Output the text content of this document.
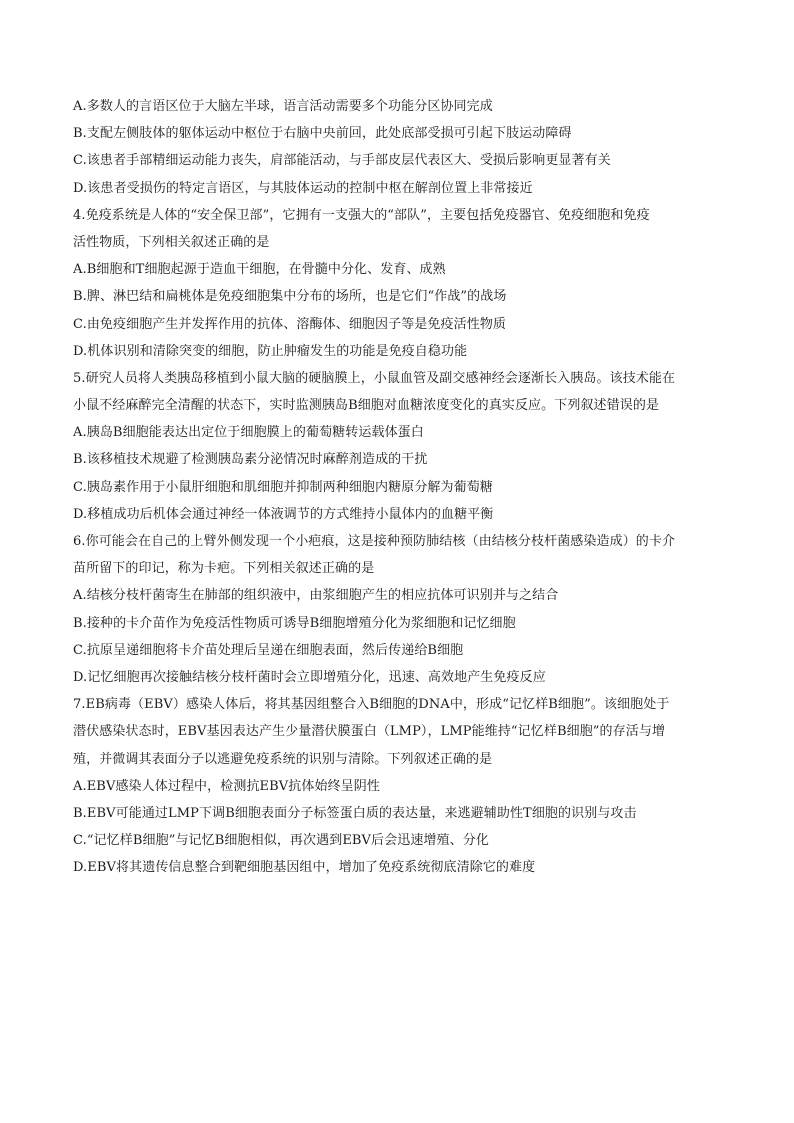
A.多数人的言语区位于大脑左半球，语言活动需要多个功能分区协同完成
B.支配左侧肢体的躯体运动中枢位于右脑中央前回，此处底部受损可引起下肢运动障碍
C.该患者手部精细运动能力丧失，肩部能活动，与手部皮层代表区大、受损后影响更显著有关
D.该患者受损伤的特定言语区，与其肢体运动的控制中枢在解剖位置上非常接近
4.免疫系统是人体的“安全保卫部”，它拥有一支强大的“部队”，主要包括免疫器官、免疫细胞和免疫
活性物质，下列相关叙述正确的是
A.B细胞和T细胞起源于造血干细胞，在骨髓中分化、发育、成熟
B.脾、淋巴结和扁桃体是免疫细胞集中分布的场所，也是它们“作战”的战场
C.由免疫细胞产生并发挥作用的抗体、溶酶体、细胞因子等是免疫活性物质
D.机体识别和清除突变的细胞，防止肿瘤发生的功能是免疫自稳功能
5.研究人员将人类胰岛移植到小鼠大脑的硬脑膜上，小鼠血管及副交感神经会逐渐长入胰岛。该技术能在
小鼠不经麻醉完全清醒的状态下，实时监测胰岛B细胞对血糖浓度变化的真实反应。下列叙述错误的是
A.胰岛B细胞能表达出定位于细胞膜上的葡萄糖转运载体蛋白
B.该移植技术规避了检测胰岛素分泌情况时麻醉剂造成的干扰
C.胰岛素作用于小鼠肝细胞和肌细胞并抑制两种细胞内糖原分解为葡萄糖
D.移植成功后机体会通过神经一体液调节的方式维持小鼠体内的血糖平衡
6.你可能会在自己的上臂外侧发现一个小疤痕，这是接种预防肺结核（由结核分枝杆菌感染造成）的卡介
苗所留下的印记，称为卡疤。下列相关叙述正确的是
A.结核分枝杆菌寄生在肺部的组织液中，由浆细胞产生的相应抗体可识别并与之结合
B.接种的卡介苗作为免疫活性物质可诱导B细胞增殖分化为浆细胞和记忆细胞
C.抗原呈递细胞将卡介苗处理后呈递在细胞表面，然后传递给B细胞
D.记忆细胞再次接触结核分枝杆菌时会立即增殖分化，迅速、高效地产生免疫反应
7.EB病毒（EBV）感染人体后，将其基因组整合入B细胞的DNA中，形成“记忆样B细胞”。该细胞处于
潜伏感染状态时，EBV基因表达产生少量潜伏膜蛋白（LMP），LMP能维持“记忆样B细胞”的存活与增
殖，并微调其表面分子以逃避免疫系统的识别与清除。下列叙述正确的是
A.EBV感染人体过程中，检测抗EBV抗体始终呈阴性
B.EBV可能通过LMP下调B细胞表面分子标签蛋白质的表达量，来逃避辅助性T细胞的识别与攻击
C.“记忆样B细胞”与记忆B细胞相似，再次遇到EBV后会迅速增殖、分化
D.EBV将其遗传信息整合到靶细胞基因组中，增加了免疫系统彻底清除它的难度
